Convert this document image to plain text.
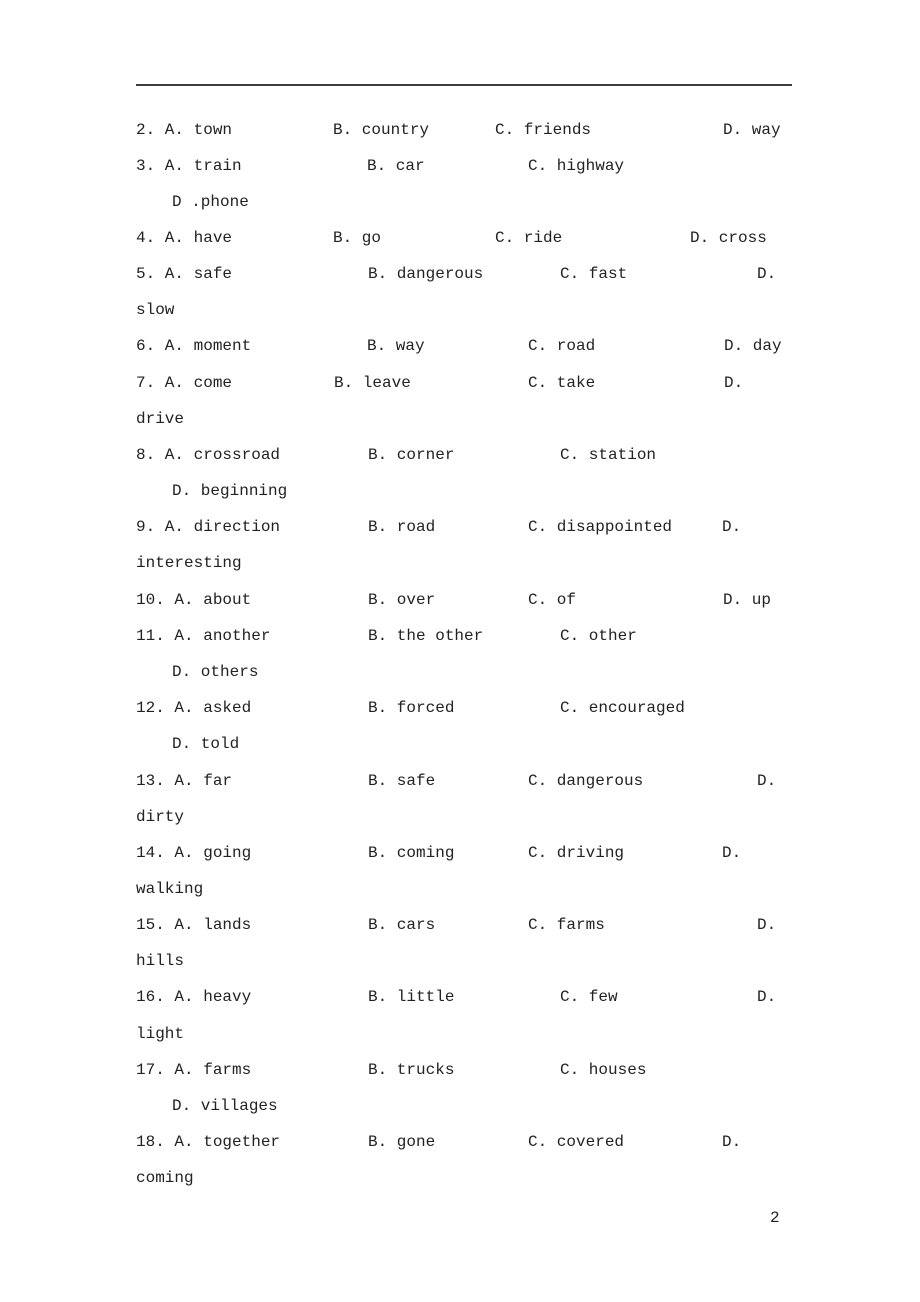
2. A. town	B. country	C. friends	D. way
3. A. train	B. car	C. highway
D .phone
4. A. have	B. go	C. ride	D. cross
5. A. safe	B. dangerous	C. fast	D.
slow
6. A. moment	B. way	C. road	D. day
7. A. come	B. leave	C. take	D.
drive
8. A. crossroad	B. corner	C. station
D. beginning
9. A. direction	B. road	C. disappointed	D.
interesting
10. A. about	B. over	C. of	D. up
11. A. another	B. the other	C. other
D. others
12. A. asked	B. forced	C. encouraged
D. told
13. A. far	B. safe	C. dangerous	D.
dirty
14. A. going	B. coming	C. driving	D.
walking
15. A. lands	B. cars	C. farms	D.
hills
16. A. heavy	B. little	C. few	D.
light
17. A. farms	B. trucks	C. houses
D. villages
18. A. together	B. gone	C. covered	D.
coming
2
